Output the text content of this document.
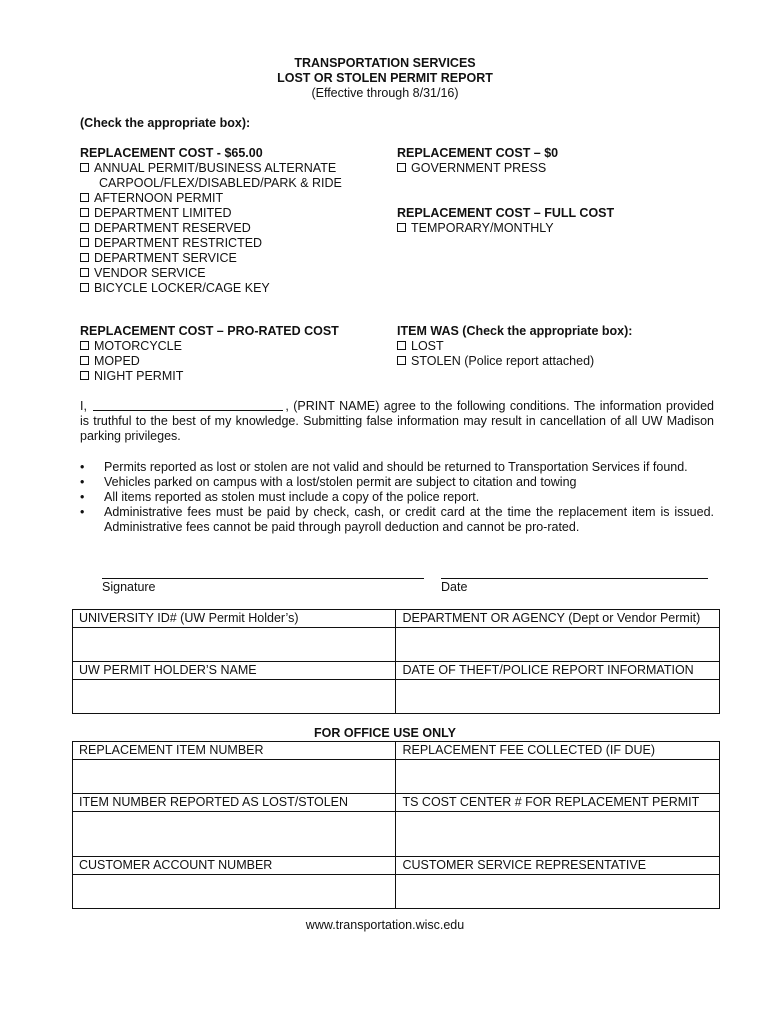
TRANSPORTATION SERVICES
LOST OR STOLEN PERMIT REPORT
(Effective through 8/31/16)
(Check the appropriate box):
REPLACEMENT COST - $65.00
ANNUAL PERMIT/BUSINESS ALTERNATE
CARPOOL/FLEX/DISABLED/PARK & RIDE
AFTERNOON PERMIT
DEPARTMENT LIMITED
DEPARTMENT RESERVED
DEPARTMENT RESTRICTED
DEPARTMENT SERVICE
VENDOR SERVICE
BICYCLE LOCKER/CAGE KEY
REPLACEMENT COST – $0
GOVERNMENT PRESS
REPLACEMENT COST – FULL COST
TEMPORARY/MONTHLY
REPLACEMENT COST – PRO-RATED COST
MOTORCYCLE
MOPED
NIGHT PERMIT
ITEM WAS (Check the appropriate box):
LOST
STOLEN (Police report attached)
I,	, (PRINT NAME) agree to the following conditions. The information provided is truthful to the best of my knowledge. Submitting false information may result in cancellation of all UW Madison parking privileges.
• Permits reported as lost or stolen are not valid and should be returned to Transportation Services if found.
• Vehicles parked on campus with a lost/stolen permit are subject to citation and towing
• All items reported as stolen must include a copy of the police report.
• Administrative fees must be paid by check, cash, or credit card at the time the replacement item is issued. Administrative fees cannot be paid through payroll deduction and cannot be pro-rated.
Signature	Date
UNIVERSITY ID# (UW Permit Holder’s)	DEPARTMENT OR AGENCY (Dept or Vendor Permit)

UW PERMIT HOLDER’S NAME	DATE OF THEFT/POLICE REPORT INFORMATION

FOR OFFICE USE ONLY
REPLACEMENT ITEM NUMBER	REPLACEMENT FEE COLLECTED (IF DUE)

ITEM NUMBER REPORTED AS LOST/STOLEN	TS COST CENTER # FOR REPLACEMENT PERMIT

CUSTOMER ACCOUNT NUMBER	CUSTOMER SERVICE REPRESENTATIVE

www.transportation.wisc.edu
